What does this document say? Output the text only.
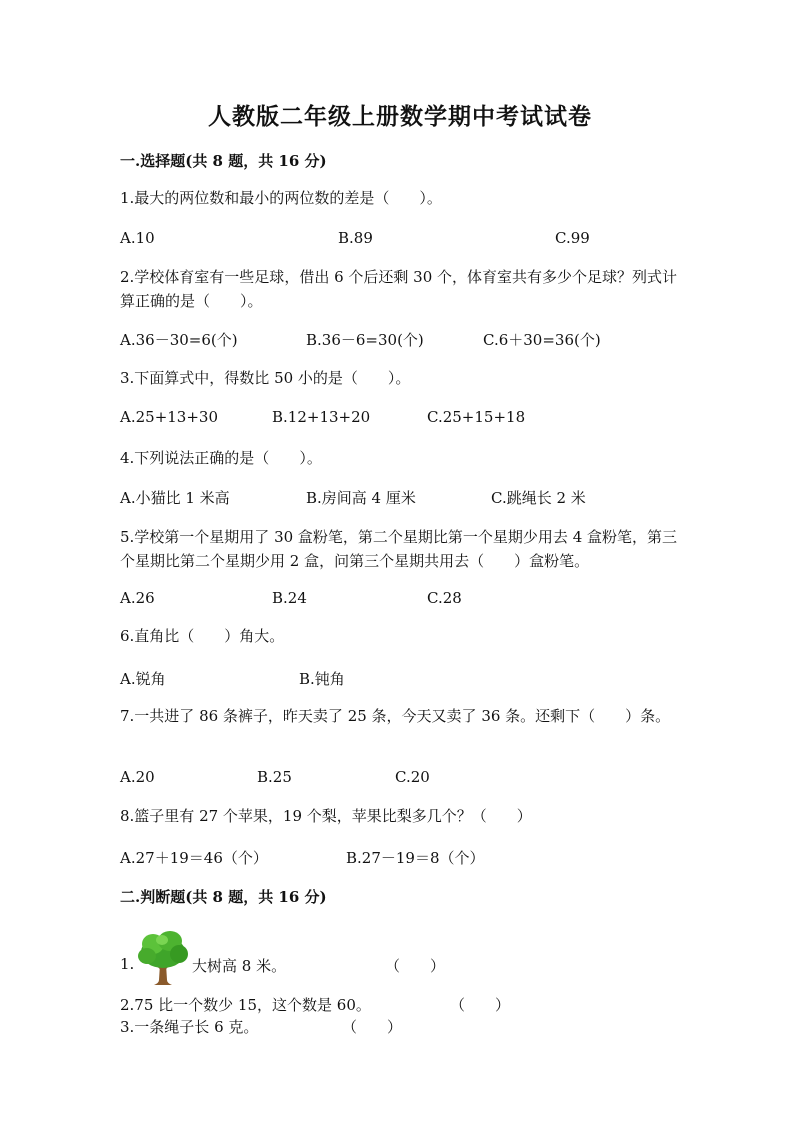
人教版二年级上册数学期中考试试卷
一.选择题(共 8 题，共 16 分)
1.最大的两位数和最小的两位数的差是（　　）。
A.10	B.89	C.99
2.学校体育室有一些足球，借出 6 个后还剩 30 个，体育室共有多少个足球？列式计算正确的是（　　）。
A.36－30=6(个)	B.36－6=30(个)	C.6＋30=36(个)
3.下面算式中，得数比 50 小的是（　　）。
A.25+13+30	B.12+13+20	C.25+15+18
4.下列说法正确的是（　　）。
A.小猫比 1 米高	B.房间高 4 厘米	C.跳绳长 2 米
5.学校第一个星期用了 30 盒粉笔，第二个星期比第一个星期少用去 4 盒粉笔，第三个星期比第二个星期少用 2 盒，问第三个星期共用去（　　）盒粉笔。
A.26	B.24	C.28
6.直角比（　　）角大。
A.锐角	B.钝角
7.一共进了 86 条裤子，昨天卖了 25 条，今天又卖了 36 条。还剩下（　　）条。
A.20	B.25	C.20
8.篮子里有 27 个苹果，19 个梨，苹果比梨多几个？（　　）
A.27＋19＝46（个）	B.27－19＝8（个）
二.判断题(共 8 题，共 16 分)
1.	大树高 8 米。	（　　）
2.75 比一个数少 15，这个数是 60。	（　　）
3.一条绳子长 6 克。	（　　）
